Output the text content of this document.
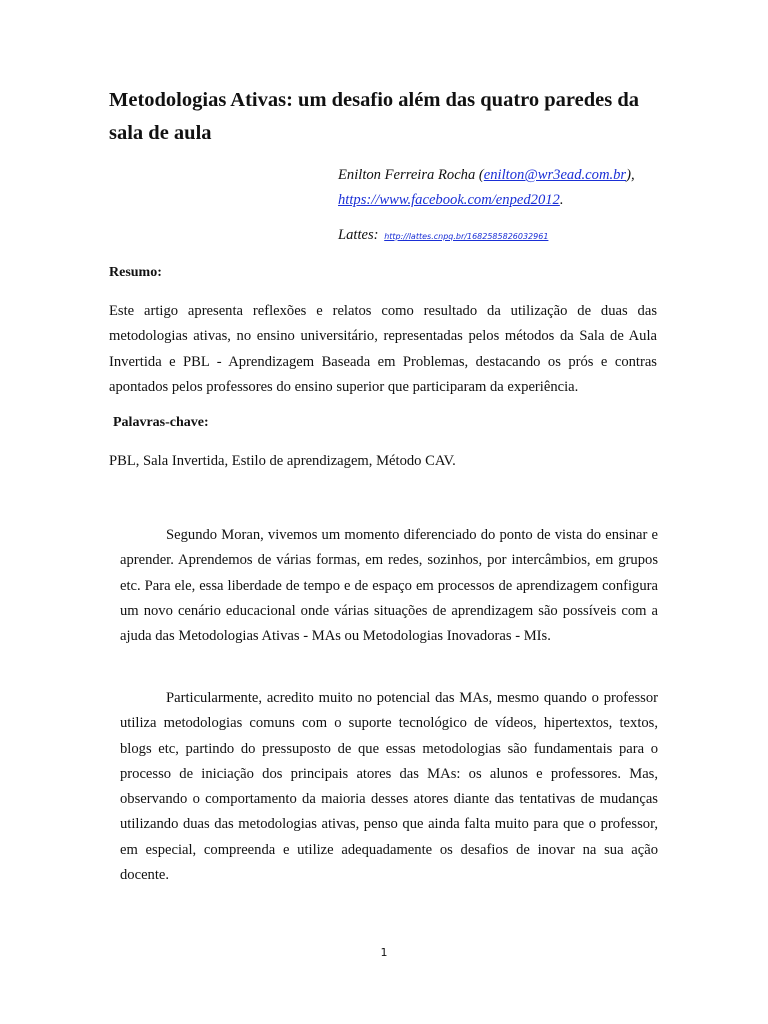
Metodologias Ativas: um desafio além das quatro paredes da sala de aula
Enilton Ferreira Rocha (enilton@wr3ead.com.br),
https://www.facebook.com/enped2012.
Lattes: http://lattes.cnpq.br/1682585826032961
Resumo:
Este artigo apresenta reflexões e relatos como resultado da utilização de duas das metodologias ativas, no ensino universitário, representadas pelos métodos da Sala de Aula Invertida e PBL - Aprendizagem Baseada em Problemas, destacando os prós e contras apontados pelos professores do ensino superior que participaram da experiência.
Palavras-chave:
PBL, Sala Invertida, Estilo de aprendizagem, Método CAV.
Segundo Moran, vivemos um momento diferenciado do ponto de vista do ensinar e aprender. Aprendemos de várias formas, em redes, sozinhos, por intercâmbios, em grupos etc. Para ele, essa liberdade de tempo e de espaço em processos de aprendizagem configura um novo cenário educacional onde várias situações de aprendizagem são possíveis com a ajuda das Metodologias Ativas - MAs ou Metodologias Inovadoras - MIs.
Particularmente, acredito muito no potencial das MAs, mesmo quando o professor utiliza metodologias comuns com o suporte tecnológico de vídeos, hipertextos, textos, blogs etc, partindo do pressuposto de que essas metodologias são fundamentais para o processo de iniciação dos principais atores das MAs: os alunos e professores. Mas, observando o comportamento da maioria desses atores diante das tentativas de mudanças utilizando duas das metodologias ativas, penso que ainda falta muito para que o professor, em especial, compreenda e utilize adequadamente os desafios de inovar na sua ação docente.
1
